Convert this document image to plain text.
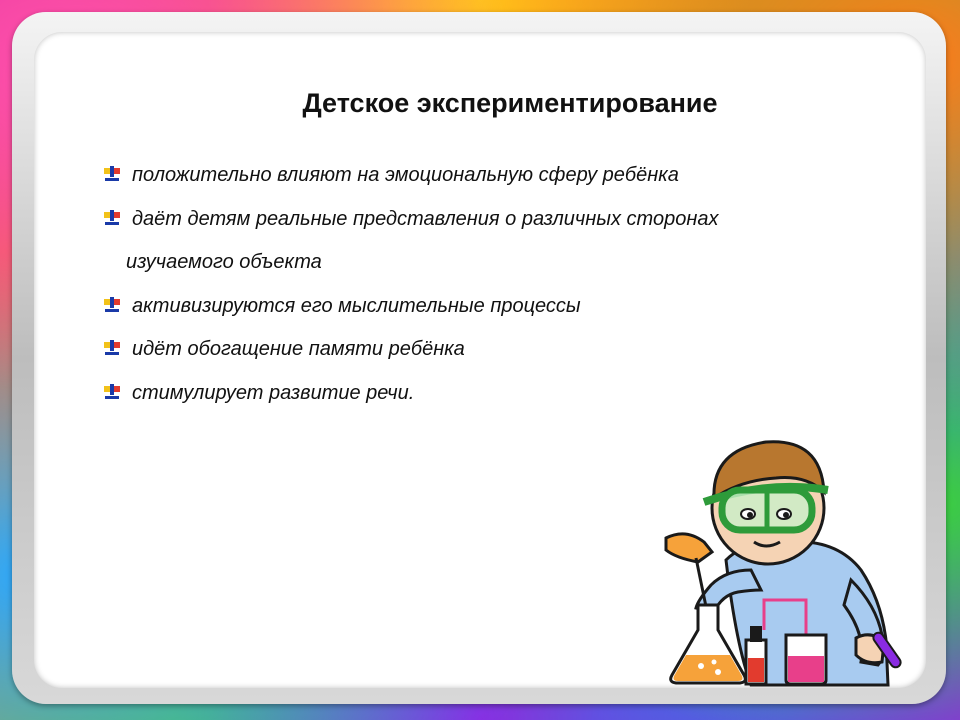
Детское экспериментирование
положительно влияют на эмоциональную сферу ребёнка
даёт детям реальные представления о различных сторонах
изучаемого объекта
активизируются его мыслительные процессы
идёт обогащение памяти ребёнка
стимулирует развитие речи.
